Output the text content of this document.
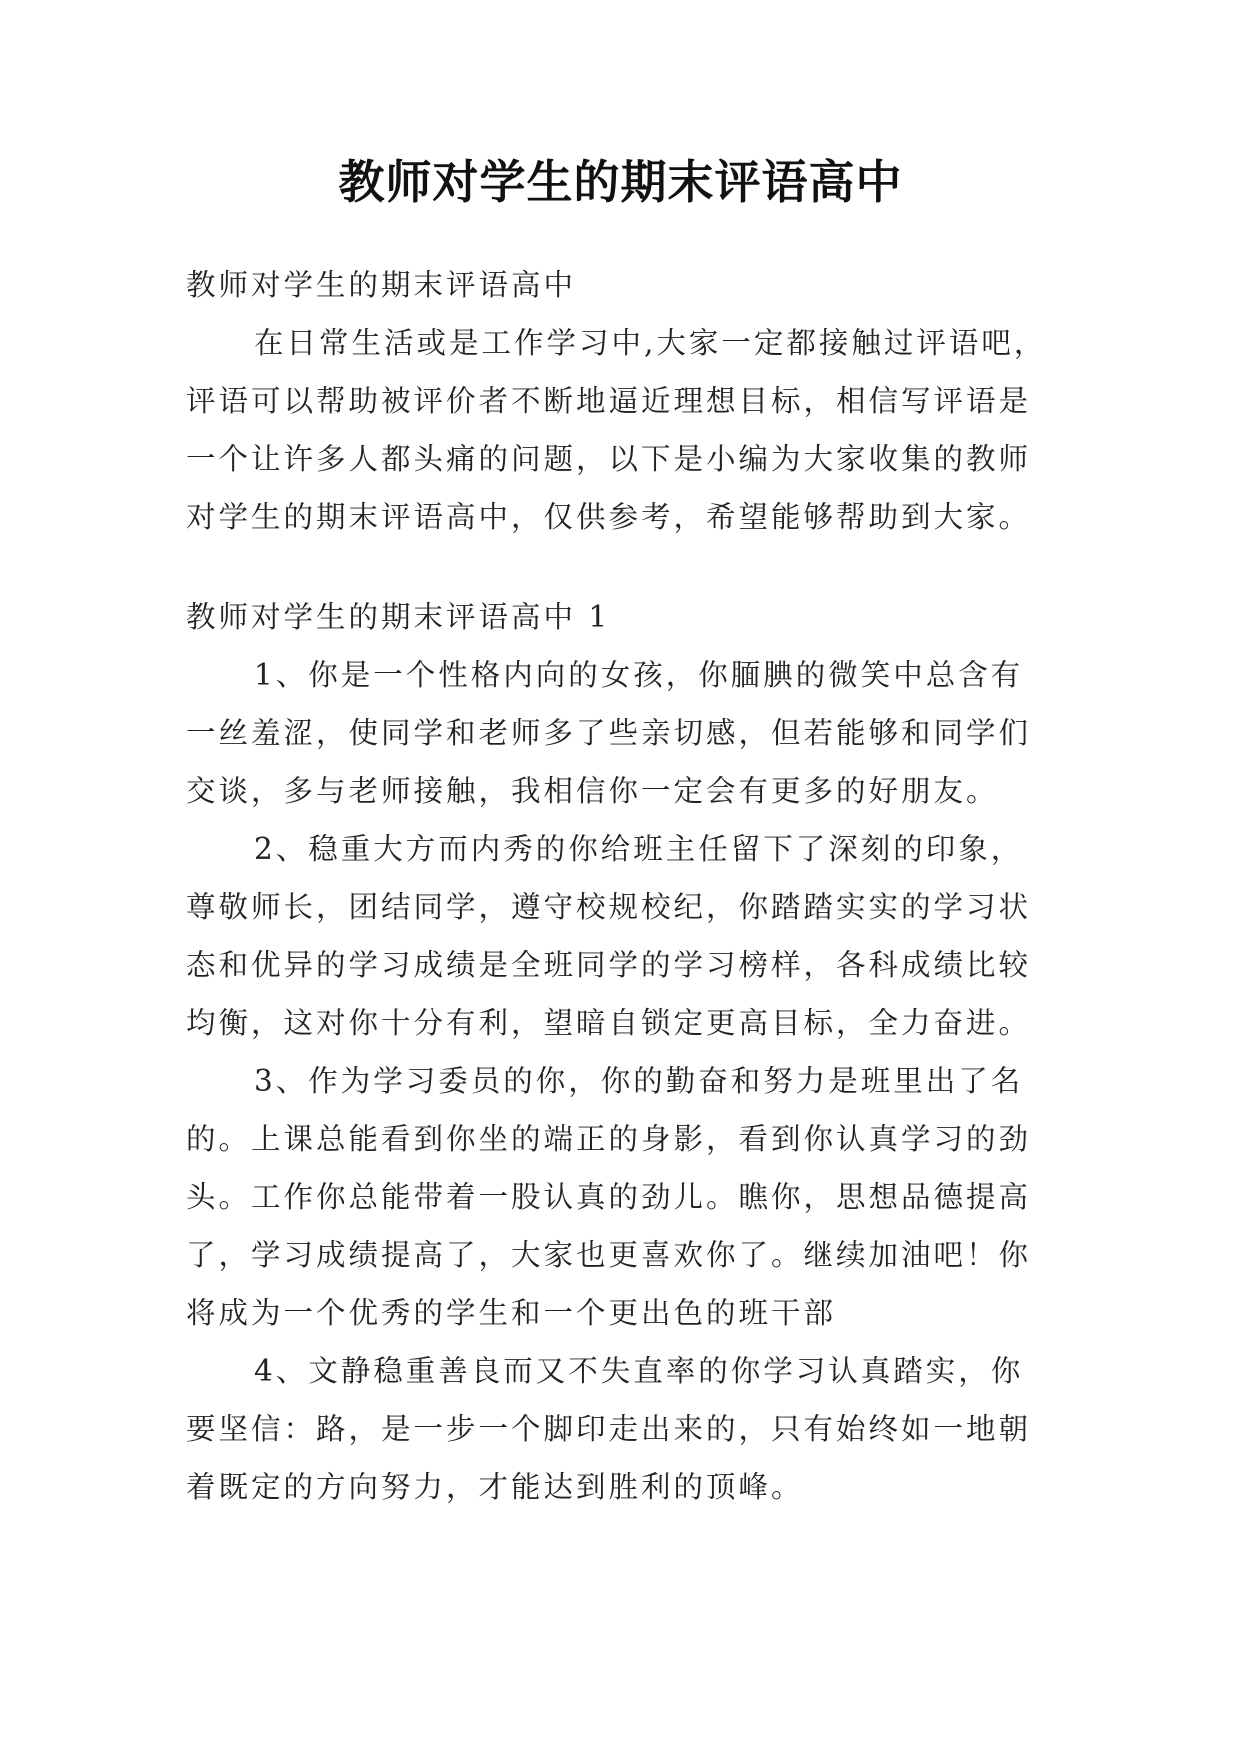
教师对学生的期末评语高中

教师对学生的期末评语高中

在日常生活或是工作学习中,大家一定都接触过评语吧，

评语可以帮助被评价者不断地逼近理想目标，相信写评语是

一个让许多人都头痛的问题，以下是小编为大家收集的教师

对学生的期末评语高中，仅供参考，希望能够帮助到大家。

教师对学生的期末评语高中 1

1、你是一个性格内向的女孩，你腼腆的微笑中总含有

一丝羞涩，使同学和老师多了些亲切感，但若能够和同学们

交谈，多与老师接触，我相信你一定会有更多的好朋友。

2、稳重大方而内秀的你给班主任留下了深刻的印象，

尊敬师长，团结同学，遵守校规校纪，你踏踏实实的学习状

态和优异的学习成绩是全班同学的学习榜样，各科成绩比较

均衡，这对你十分有利，望暗自锁定更高目标，全力奋进。

3、作为学习委员的你，你的勤奋和努力是班里出了名

的。上课总能看到你坐的端正的身影，看到你认真学习的劲

头。工作你总能带着一股认真的劲儿。瞧你，思想品德提高

了，学习成绩提高了，大家也更喜欢你了。继续加油吧！你

将成为一个优秀的学生和一个更出色的班干部

4、文静稳重善良而又不失直率的你学习认真踏实，你

要坚信：路，是一步一个脚印走出来的，只有始终如一地朝

着既定的方向努力，才能达到胜利的顶峰。
